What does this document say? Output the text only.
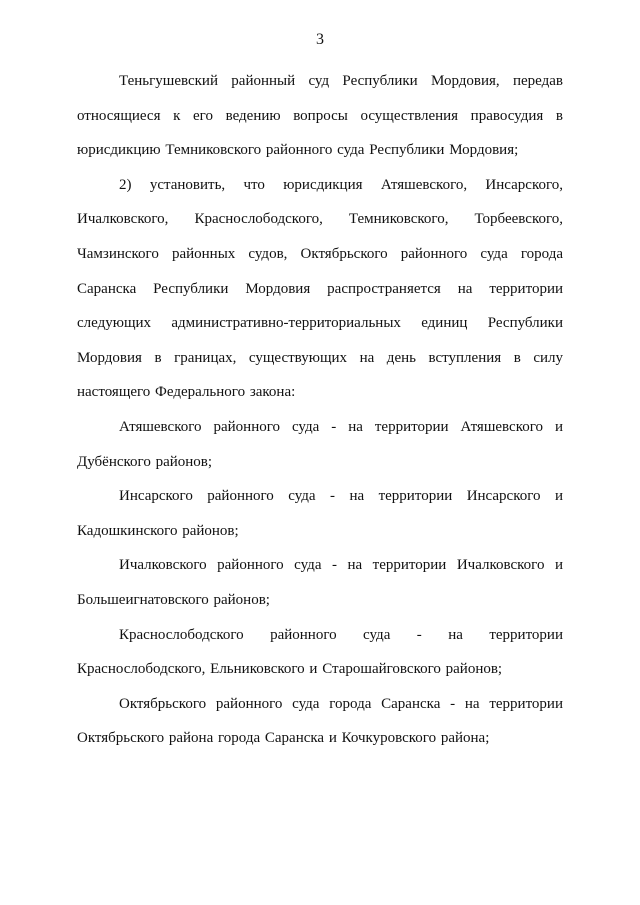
3

Теньгушевский районный суд Республики Мордовия, передав относящиеся к его ведению вопросы осуществления правосудия в юрисдикцию Темниковского районного суда Республики Мордовия;

2) установить, что юрисдикция Атяшевского, Инсарского, Ичалковского, Краснослободского, Темниковского, Торбеевского, Чамзинского районных судов, Октябрьского районного суда города Саранска Республики Мордовия распространяется на территории следующих административно-территориальных единиц Республики Мордовия в границах, существующих на день вступления в силу настоящего Федерального закона:

Атяшевского районного суда - на территории Атяшевского и Дубёнского районов;

Инсарского районного суда - на территории Инсарского и Кадошкинского районов;

Ичалковского районного суда - на территории Ичалковского и Большеигнатовского районов;

Краснослободского районного суда - на территории Краснослободского, Ельниковского и Старошайговского районов;

Октябрьского районного суда города Саранска - на территории Октябрьского района города Саранска и Кочкуровского района;
